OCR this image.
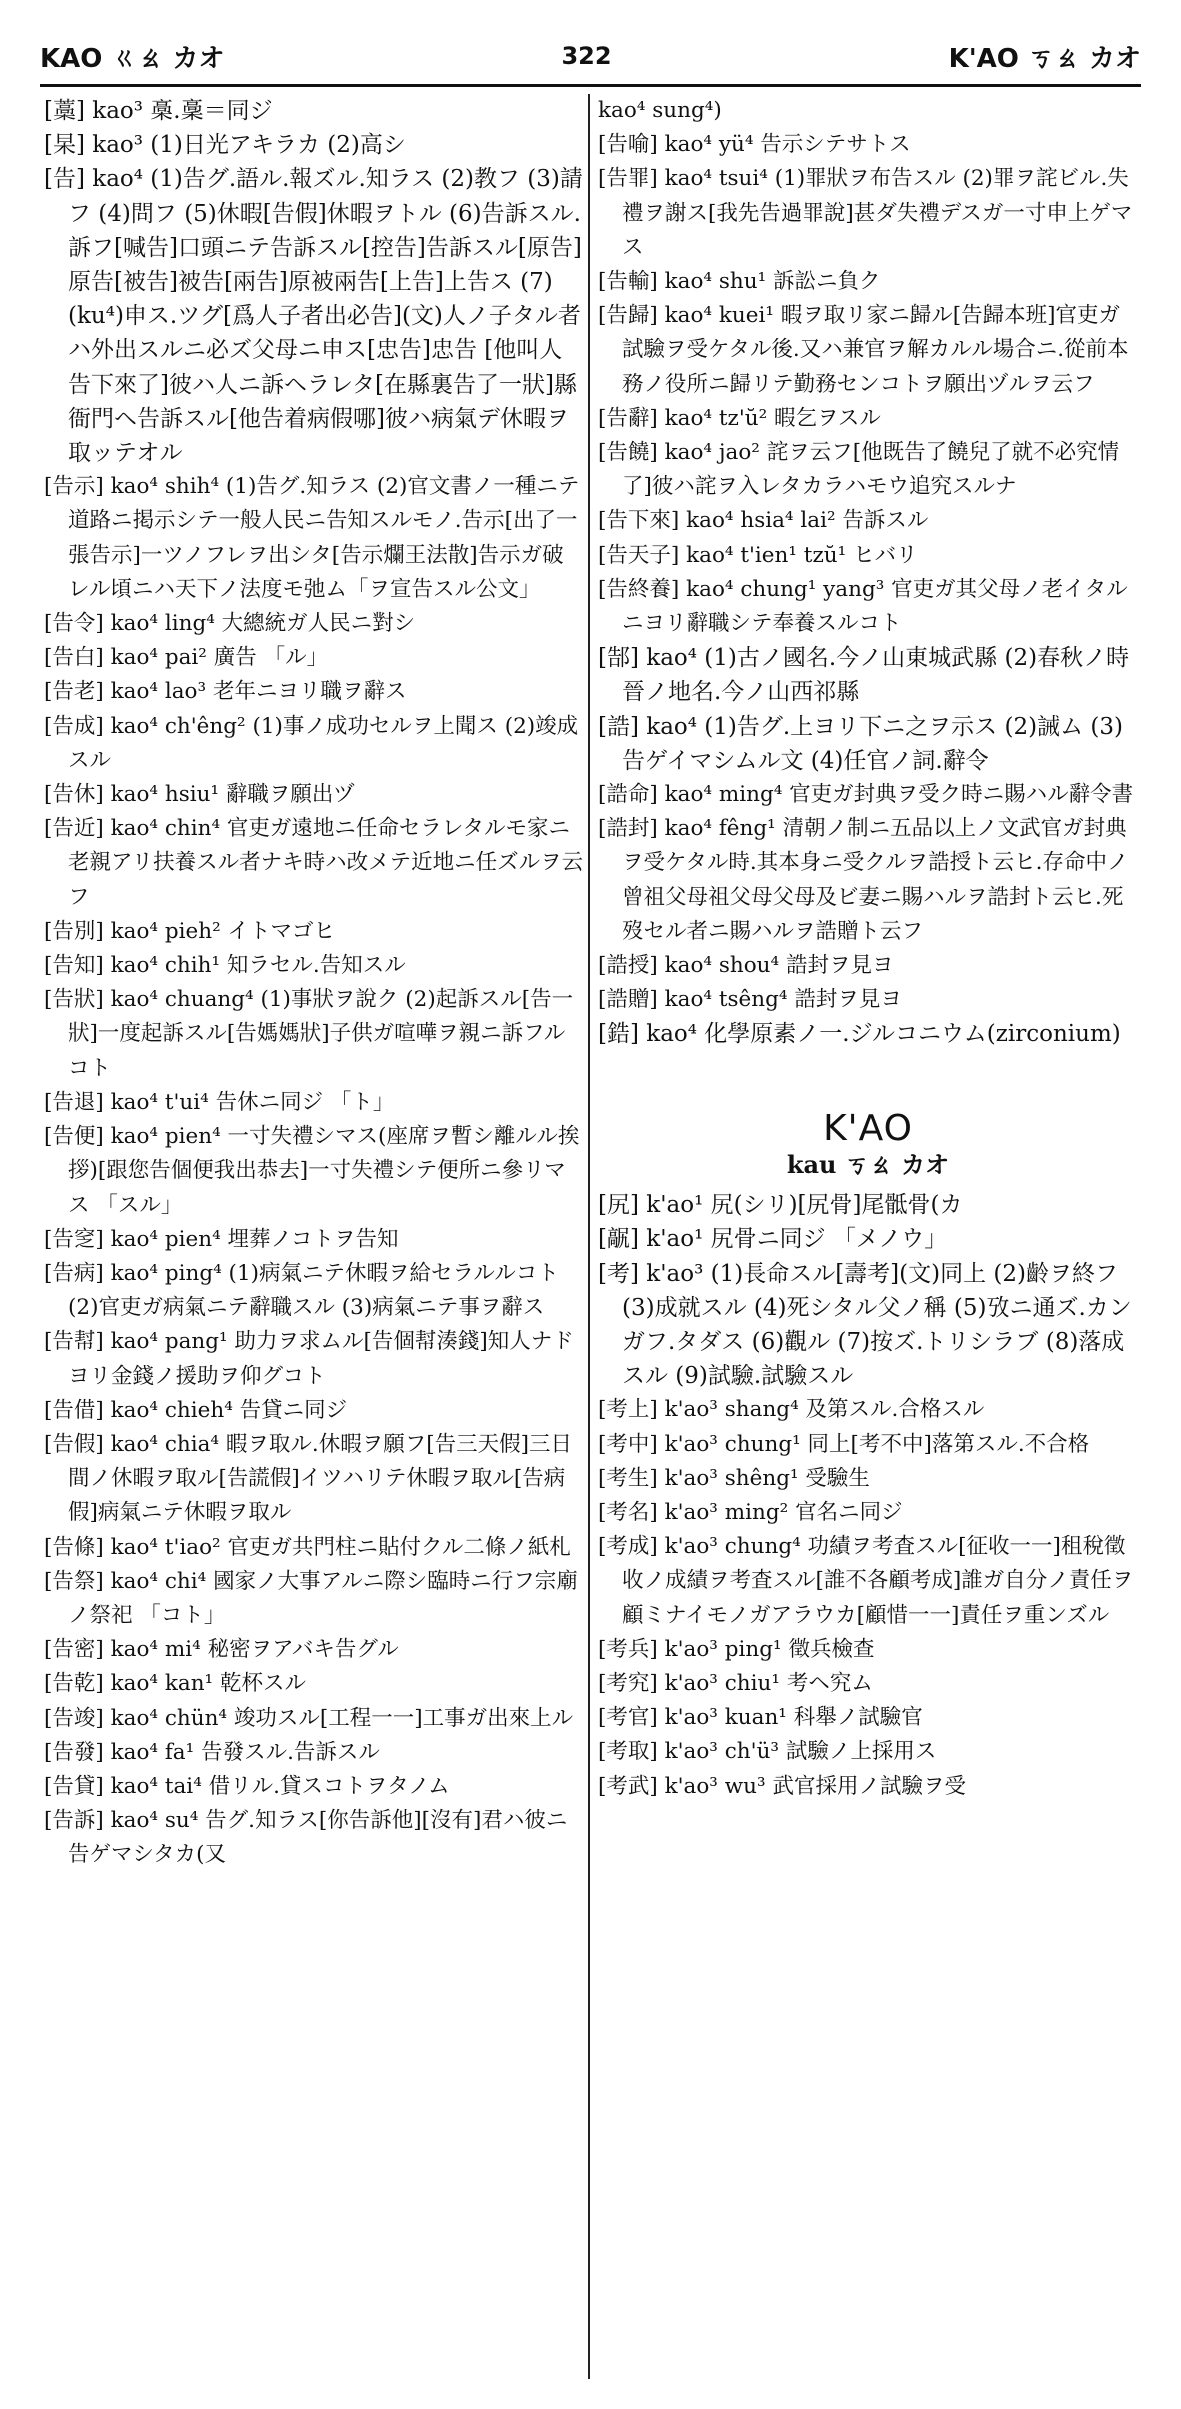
KAO ㄍㄠ カオ	322	K'AO ㄎㄠ カオ
[藁] kao³ 槀.稾＝同ジ
[杲] kao³ (1)日光アキラカ (2)高シ
[告] kao⁴ (1)告グ.語ル.報ズル.知ラス (2)教フ (3)請フ (4)問フ (5)休暇[告假]休暇ヲトル (6)告訴スル.訴フ[喊告]口頭ニテ告訴スル[控告]告訴スル[原告]原告[被告]被告[兩告]原被兩告[上告]上告ス (7)(ku⁴)申ス.ツグ[爲人子者出必告](文)人ノ子タル者ハ外出スルニ必ズ父母ニ申ス[忠告]忠告 [他叫人告下來了]彼ハ人ニ訴ヘラレタ[在縣裏告了一狀]縣衙門ヘ告訴スル[他告着病假哪]彼ハ病氣デ休暇ヲ取ッテオル
[告示] kao⁴ shih⁴ (1)告グ.知ラス (2)官文書ノ一種ニテ道路ニ掲示シテ一般人民ニ告知スルモノ.告示[出了一張告示]一ツノフレヲ出シタ[告示爛王法散]告示ガ破レル頃ニハ天下ノ法度モ弛ム「ヲ宣告スル公文」
[告令] kao⁴ ling⁴ 大總統ガ人民ニ對シ
[告白] kao⁴ pai² 廣告 「ル」
[告老] kao⁴ lao³ 老年ニヨリ職ヲ辭ス
[告成] kao⁴ ch'êng² (1)事ノ成功セルヲ上聞ス (2)竣成スル
[告休] kao⁴ hsiu¹ 辭職ヲ願出ヅ
[告近] kao⁴ chin⁴ 官吏ガ遠地ニ任命セラレタルモ家ニ老親アリ扶養スル者ナキ時ハ改メテ近地ニ任ズルヲ云フ
[告別] kao⁴ pieh² イトマゴヒ
[告知] kao⁴ chih¹ 知ラセル.告知スル
[告狀] kao⁴ chuang⁴ (1)事狀ヲ說ク (2)起訴スル[告一狀]一度起訴スル[告媽媽狀]子供ガ喧嘩ヲ親ニ訴フルコト
[告退] kao⁴ t'ui⁴ 告休ニ同ジ 「ト」
[告便] kao⁴ pien⁴ 一寸失禮シマス(座席ヲ暫シ離ルル挨拶)[跟您告個便我出恭去]一寸失禮シテ便所ニ參リマス 「スル」
[告窆] kao⁴ pien⁴ 埋葬ノコトヲ告知
[告病] kao⁴ ping⁴ (1)病氣ニテ休暇ヲ給セラルルコト (2)官吏ガ病氣ニテ辭職スル (3)病氣ニテ事ヲ辭ス
[告幇] kao⁴ pang¹ 助力ヲ求ムル[告個幇湊錢]知人ナドヨリ金錢ノ援助ヲ仰グコト
[告借] kao⁴ chieh⁴ 告貸ニ同ジ
[告假] kao⁴ chia⁴ 暇ヲ取ル.休暇ヲ願フ[告三天假]三日間ノ休暇ヲ取ル[告謊假]イツハリテ休暇ヲ取ル[告病假]病氣ニテ休暇ヲ取ル
[告條] kao⁴ t'iao² 官吏ガ共門柱ニ貼付クル二條ノ紙札
[告祭] kao⁴ chi⁴ 國家ノ大事アルニ際シ臨時ニ行フ宗廟ノ祭祀 「コト」
[告密] kao⁴ mi⁴ 秘密ヲアバキ告グル
[告乾] kao⁴ kan¹ 乾杯スル
[告竣] kao⁴ chün⁴ 竣功スル[工程一一]工事ガ出來上ル
[告發] kao⁴ fa¹ 告發スル.告訴スル
[告貸] kao⁴ tai⁴ 借リル.貸スコトヲタノム
[告訴] kao⁴ su⁴ 告グ.知ラス[你告訴他][沒有]君ハ彼ニ告ゲマシタカ(又
kao⁴ sung⁴)
[告喻] kao⁴ yü⁴ 告示シテサトス
[告罪] kao⁴ tsui⁴ (1)罪狀ヲ布告スル (2)罪ヲ詫ビル.失禮ヲ謝ス[我先告過罪說]甚ダ失禮デスガ一寸申上ゲマス
[告輸] kao⁴ shu¹ 訴訟ニ負ク
[告歸] kao⁴ kuei¹ 暇ヲ取リ家ニ歸ル[告歸本班]官吏ガ試驗ヲ受ケタル後.又ハ兼官ヲ解カルル場合ニ.從前本務ノ役所ニ歸リテ勤務センコトヲ願出ヅルヲ云フ
[告辭] kao⁴ tz'ŭ² 暇乞ヲスル
[告饒] kao⁴ jao² 詫ヲ云フ[他既告了饒兒了就不必究情了]彼ハ詫ヲ入レタカラハモウ追究スルナ
[告下來] kao⁴ hsia⁴ lai² 告訴スル
[告天子] kao⁴ t'ien¹ tzŭ¹ ヒバリ
[告終養] kao⁴ chung¹ yang³ 官吏ガ其父母ノ老イタルニヨリ辭職シテ奉養スルコト
[郜] kao⁴ (1)古ノ國名.今ノ山東城武縣 (2)春秋ノ時晉ノ地名.今ノ山西祁縣
[誥] kao⁴ (1)告グ.上ヨリ下ニ之ヲ示ス (2)誡ム (3)告ゲイマシムル文 (4)任官ノ詞.辭令
[誥命] kao⁴ ming⁴ 官吏ガ封典ヲ受ク時ニ賜ハル辭令書
[誥封] kao⁴ fêng¹ 清朝ノ制ニ五品以上ノ文武官ガ封典ヲ受ケタル時.其本身ニ受クルヲ誥授ト云ヒ.存命中ノ曾祖父母祖父母父母及ビ妻ニ賜ハルヲ誥封ト云ヒ.死歿セル者ニ賜ハルヲ誥贈ト云フ
[誥授] kao⁴ shou⁴ 誥封ヲ見ヨ
[誥贈] kao⁴ tsêng⁴ 誥封ヲ見ヨ
[鋯] kao⁴ 化學原素ノ一.ジルコニウム(zirconium)
K'AO
kau ㄎㄠ カオ
[尻] k'ao¹ 尻(シリ)[尻骨]尾骶骨(カ
[髛] k'ao¹ 尻骨ニ同ジ 「メノウ」
[考] k'ao³ (1)長命スル[壽考](文)同上 (2)齡ヲ終フ (3)成就スル (4)死シタル父ノ稱 (5)攷ニ通ズ.カンガフ.タダス (6)觀ル (7)按ズ.トリシラブ (8)落成スル (9)試驗.試驗スル
[考上] k'ao³ shang⁴ 及第スル.合格スル
[考中] k'ao³ chung¹ 同上[考不中]落第スル.不合格
[考生] k'ao³ shêng¹ 受驗生
[考名] k'ao³ ming² 官名ニ同ジ
[考成] k'ao³ chung⁴ 功績ヲ考査スル[征收一一]租稅徵收ノ成績ヲ考査スル[誰不各顧考成]誰ガ自分ノ責任ヲ顧ミナイモノガアラウカ[顧惜一一]責任ヲ重ンズル
[考兵] k'ao³ ping¹ 徵兵檢查
[考究] k'ao³ chiu¹ 考ヘ究ム
[考官] k'ao³ kuan¹ 科舉ノ試驗官
[考取] k'ao³ ch'ü³ 試驗ノ上採用ス
[考武] k'ao³ wu³ 武官採用ノ試驗ヲ受
